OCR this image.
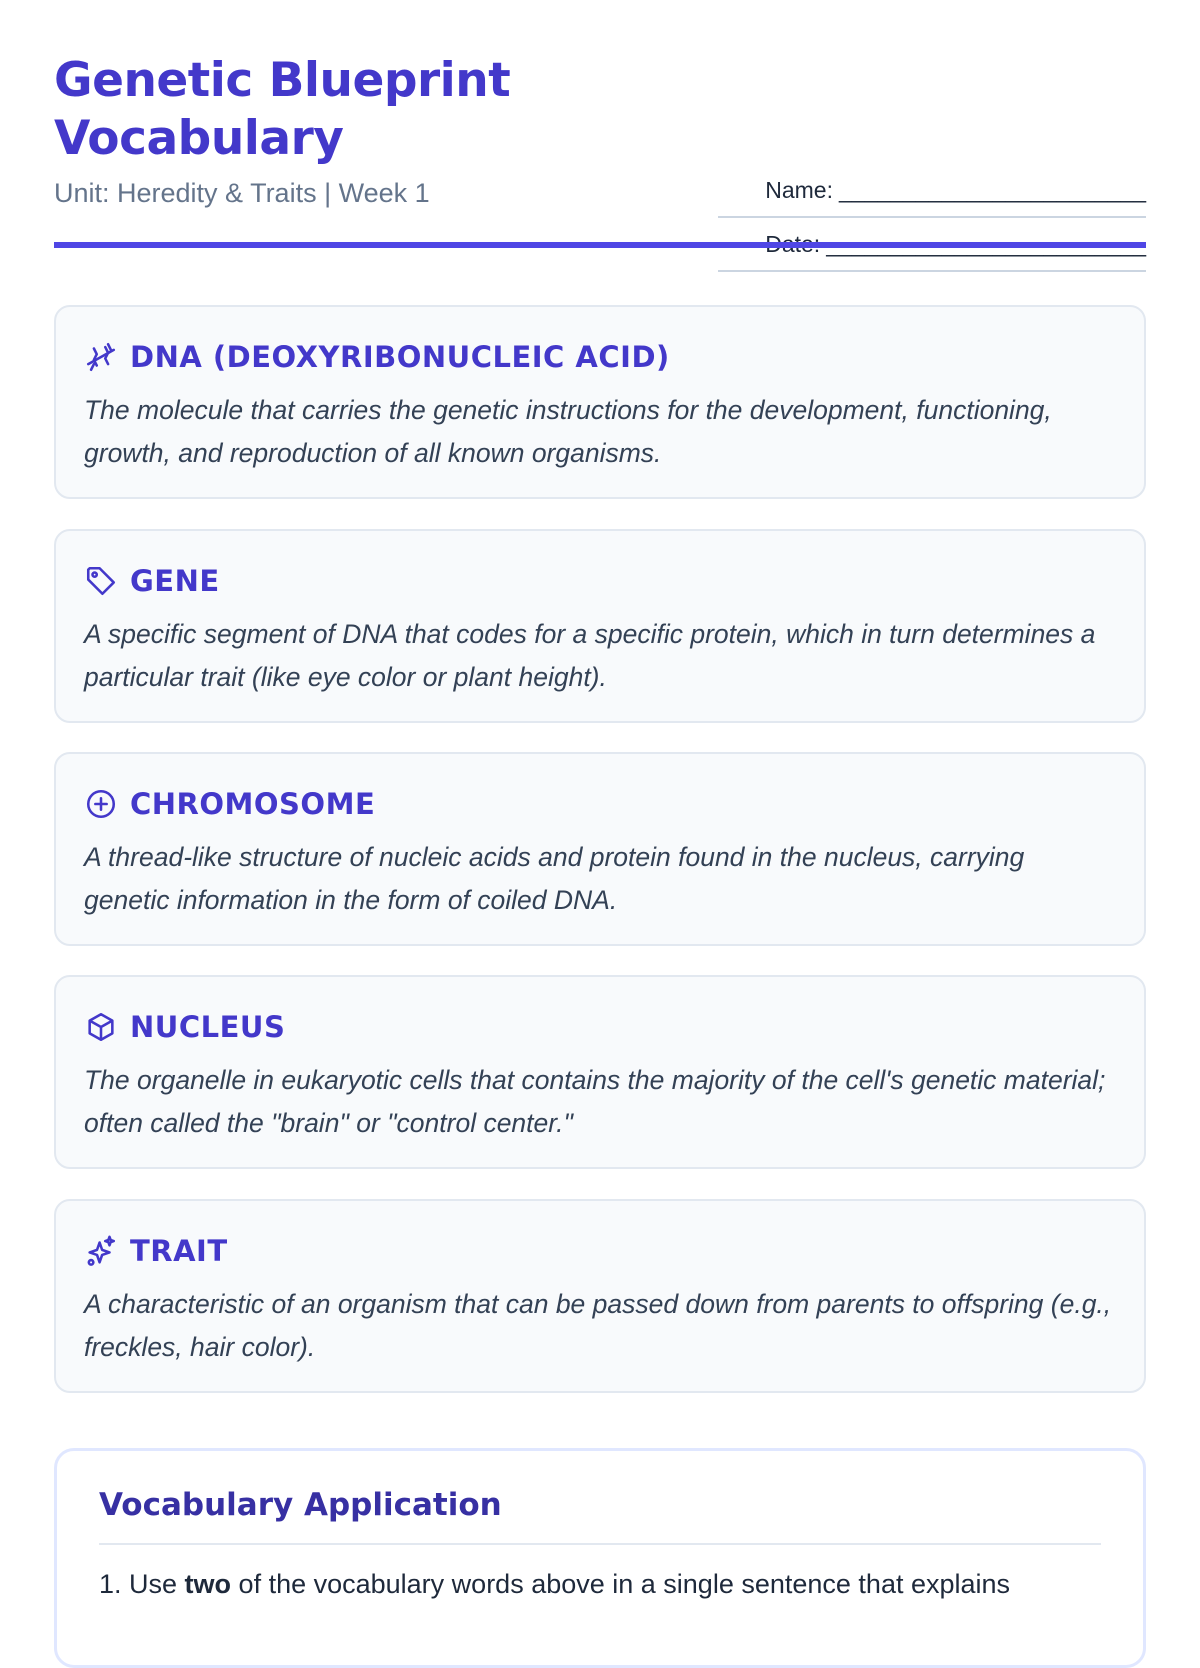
Genetic Blueprint
Vocabulary
Unit: Heredity & Traits | Week 1	Name: ________________________
DNA (DEOXYRIBONUCLEIC ACID)
The molecule that carries the genetic instructions for the development, functioning, growth, and reproduction of all known organisms.
GENE
A specific segment of DNA that codes for a specific protein, which in turn determines a particular trait (like eye color or plant height).
CHROMOSOME
A thread-like structure of nucleic acids and protein found in the nucleus, carrying genetic information in the form of coiled DNA.
NUCLEUS
The organelle in eukaryotic cells that contains the majority of the cell's genetic material; often called the "brain" or "control center."
TRAIT
A characteristic of an organism that can be passed down from parents to offspring (e.g., freckles, hair color).
Vocabulary Application
1. Use two of the vocabulary words above in a single sentence that explains
